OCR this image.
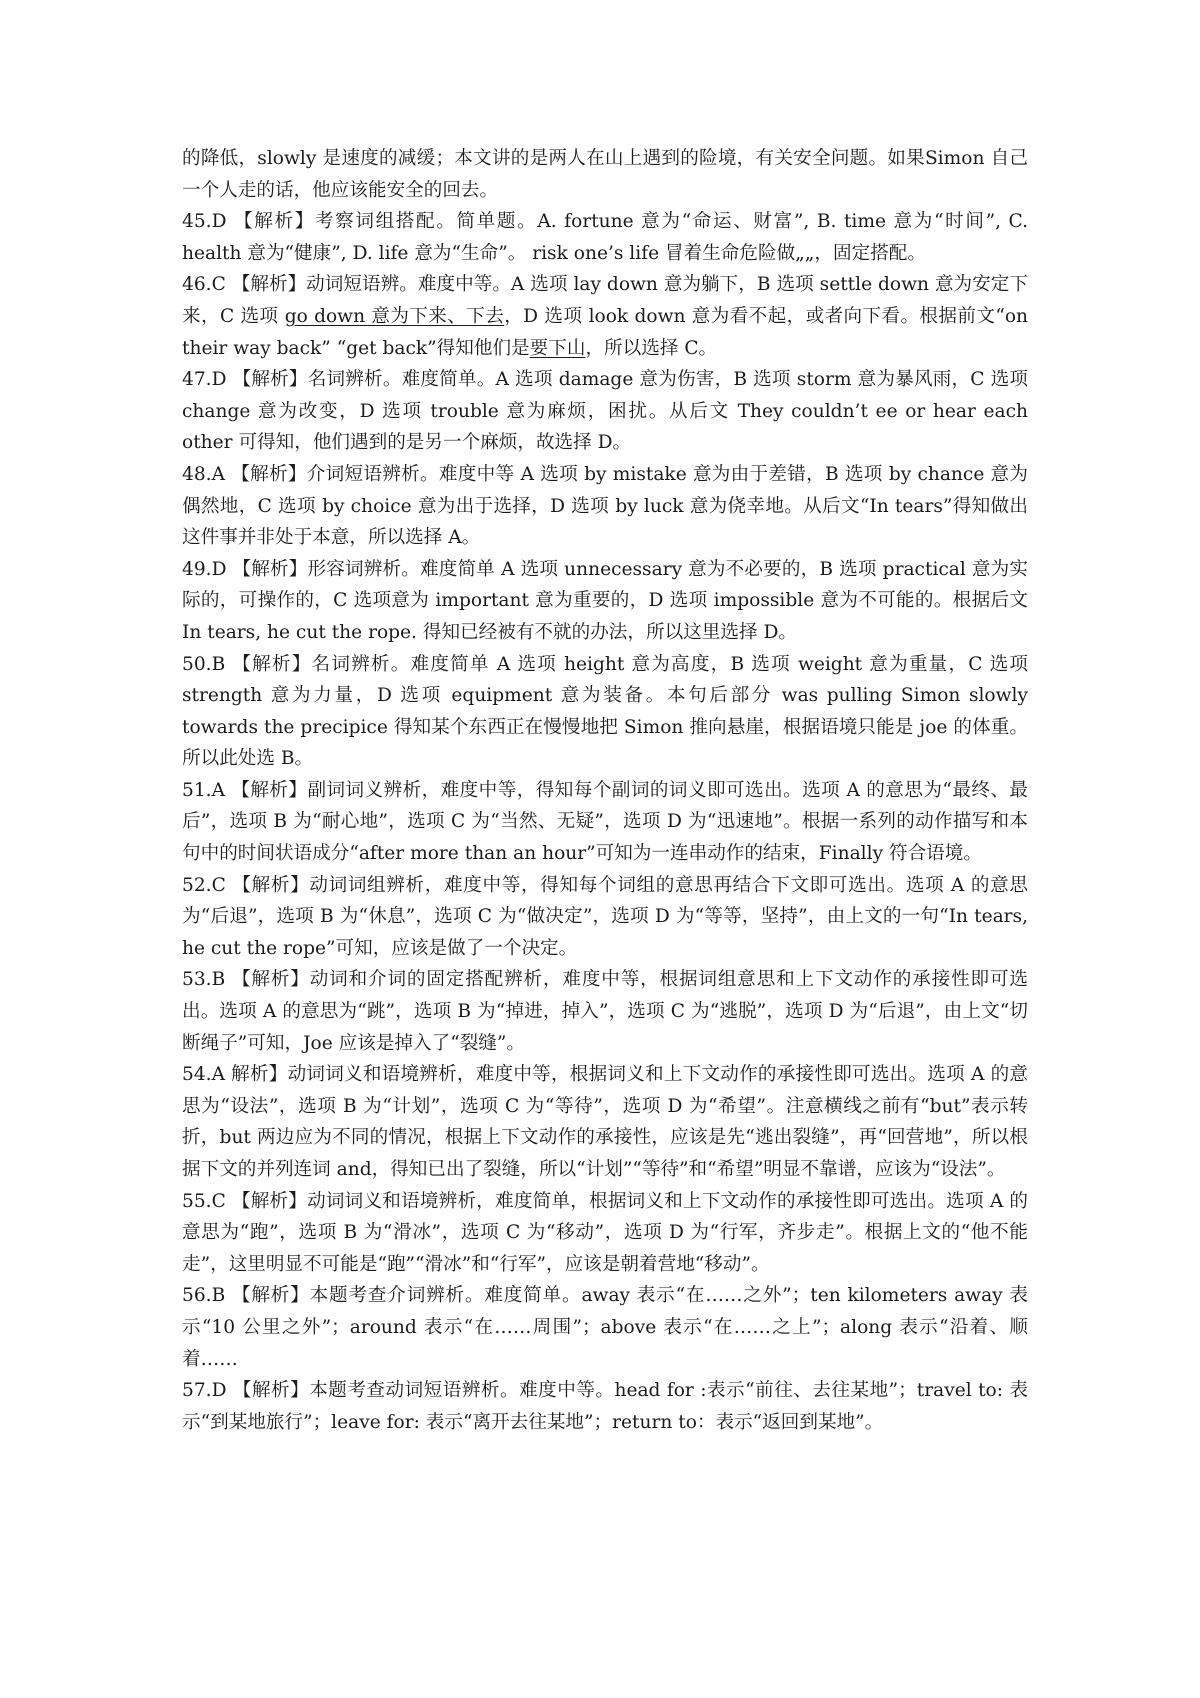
的降低，slowly 是速度的减缓；本文讲的是两人在山上遇到的险境，有关安全问题。如果Simon 自己一个人走的话，他应该能安全的回去。

45.D 【解析】考察词组搭配。简单题。A. fortune 意为“命运、财富”, B. time 意为“时间”, C. health 意为“健康”, D. life 意为“生命”。 risk one’s life 冒着生命危险做„„，固定搭配。

46.C 【解析】动词短语辨。难度中等。A 选项 lay down 意为躺下，B 选项 settle down 意为安定下来，C 选项 go down 意为下来、下去，D 选项 look down 意为看不起，或者向下看。根据前文“on their way back” “get back”得知他们是要下山，所以选择 C。

47.D 【解析】名词辨析。难度简单。A 选项 damage 意为伤害，B 选项 storm 意为暴风雨，C 选项 change 意为改变，D 选项 trouble 意为麻烦，困扰。从后文 They couldn’t ee or hear each other 可得知，他们遇到的是另一个麻烦，故选择 D。

48.A 【解析】介词短语辨析。难度中等 A 选项 by mistake 意为由于差错，B 选项 by chance 意为偶然地，C 选项 by choice 意为出于选择，D 选项 by luck 意为侥幸地。从后文“In tears”得知做出这件事并非处于本意，所以选择 A。

49.D 【解析】形容词辨析。难度简单 A 选项 unnecessary 意为不必要的，B 选项 practical 意为实际的，可操作的，C 选项意为 important 意为重要的，D 选项 impossible 意为不可能的。根据后文 In tears, he cut the rope. 得知已经被有不就的办法，所以这里选择 D。

50.B 【解析】名词辨析。难度简单 A 选项 height 意为高度，B 选项 weight 意为重量，C 选项 strength 意为力量，D 选项 equipment 意为装备。本句后部分 was pulling Simon slowly towards the precipice 得知某个东西正在慢慢地把 Simon 推向悬崖，根据语境只能是 joe 的体重。所以此处选 B。

51.A 【解析】副词词义辨析，难度中等，得知每个副词的词义即可选出。选项 A 的意思为“最终、最后”，选项 B 为“耐心地”，选项 C 为“当然、无疑”，选项 D 为“迅速地”。根据一系列的动作描写和本句中的时间状语成分“after more than an hour”可知为一连串动作的结束，Finally 符合语境。

52.C 【解析】动词词组辨析，难度中等，得知每个词组的意思再结合下文即可选出。选项 A 的意思为“后退”，选项 B 为“休息”，选项 C 为“做决定”，选项 D 为“等等，坚持”，由上文的一句“In tears, he cut the rope”可知，应该是做了一个决定。

53.B 【解析】动词和介词的固定搭配辨析，难度中等，根据词组意思和上下文动作的承接性即可选出。选项 A 的意思为“跳”，选项 B 为“掉进，掉入”，选项 C 为“逃脱”，选项 D 为“后退”，由上文“切断绳子”可知，Joe 应该是掉入了“裂缝”。

54.A 解析】动词词义和语境辨析，难度中等，根据词义和上下文动作的承接性即可选出。选项 A 的意思为“设法”，选项 B 为“计划”，选项 C 为“等待”，选项 D 为“希望”。注意横线之前有“but”表示转折，but 两边应为不同的情况，根据上下文动作的承接性，应该是先“逃出裂缝”，再“回营地”，所以根据下文的并列连词 and，得知已出了裂缝，所以“计划”“等待”和“希望”明显不靠谱，应该为“设法”。

55.C 【解析】动词词义和语境辨析，难度简单，根据词义和上下文动作的承接性即可选出。选项 A 的意思为“跑”，选项 B 为“滑冰”，选项 C 为“移动”，选项 D 为“行军，齐步走”。根据上文的“他不能走”，这里明显不可能是“跑”“滑冰”和“行军”，应该是朝着营地“移动”。

56.B 【解析】本题考查介词辨析。难度简单。away 表示“在……之外”；ten kilometers away 表示“10 公里之外”；around 表示“在……周围”；above 表示“在……之上”；along 表示“沿着、顺着……

57.D 【解析】本题考查动词短语辨析。难度中等。head for :表示“前往、去往某地”；travel to: 表示“到某地旅行”；leave for: 表示“离开去往某地”；return to：表示“返回到某地”。
